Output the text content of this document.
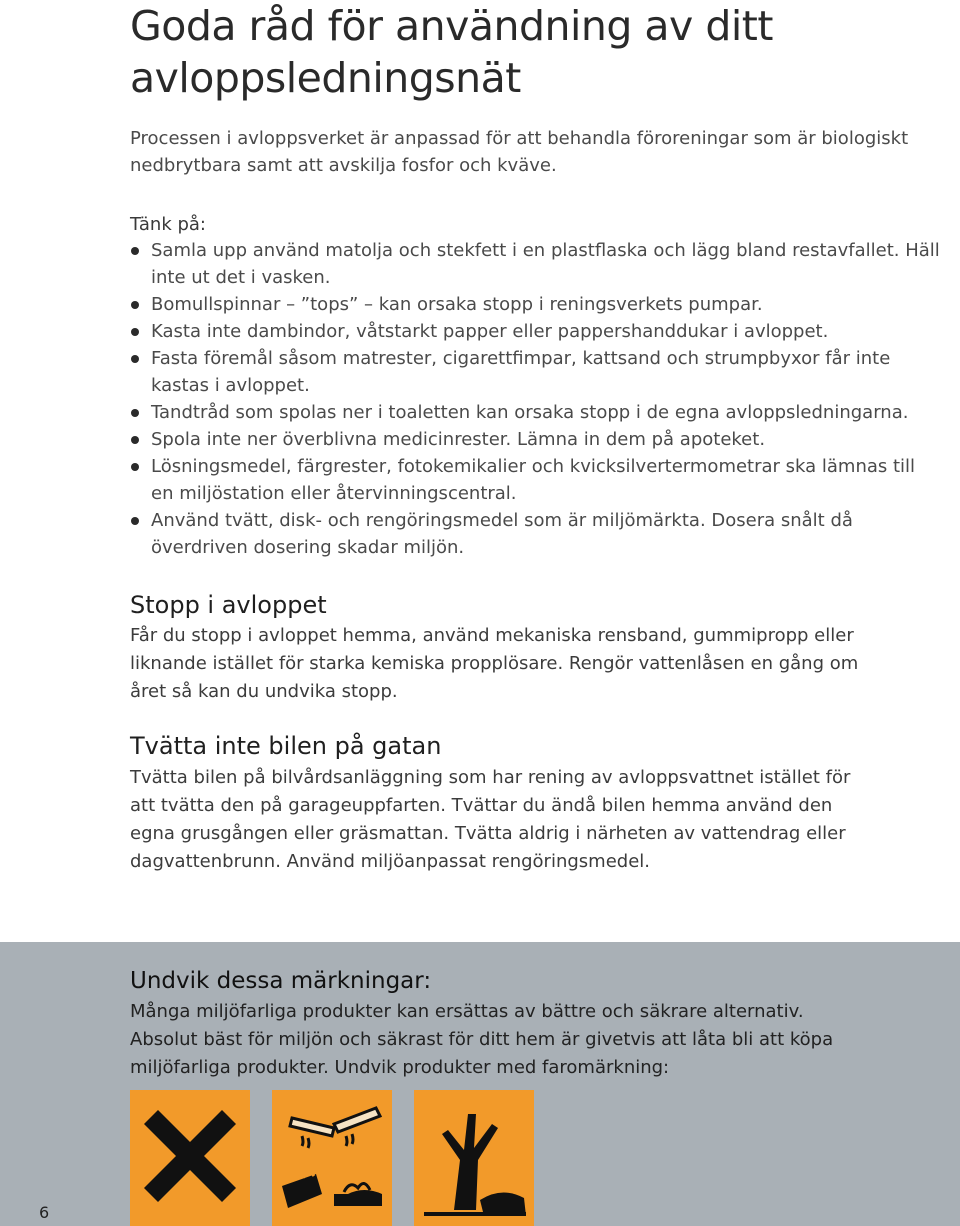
Goda råd för användning av ditt avloppsledningsnät

Processen i avloppsverket är anpassad för att behandla föroreningar som är biologiskt nedbrytbara samt att avskilja fosfor och kväve.

Tänk på:

Samla upp använd matolja och stekfett i en plastflaska och lägg bland restavfallet. Häll inte ut det i vasken.
Bomullspinnar – ”tops” – kan orsaka stopp i reningsverkets pumpar.
Kasta inte dambindor, våtstarkt papper eller pappershanddukar i avloppet.
Fasta föremål såsom matrester, cigarettfimpar, kattsand och strumpbyxor får inte kastas i avloppet.
Tandtråd som spolas ner i toaletten kan orsaka stopp i de egna avloppsledningarna.
Spola inte ner överblivna medicinrester. Lämna in dem på apoteket.
Lösningsmedel, färgrester, fotokemikalier och kvicksilvertermometrar ska lämnas till en miljöstation eller återvinningscentral.
Använd tvätt, disk- och rengöringsmedel som är miljömärkta. Dosera snålt då överdriven dosering skadar miljön.
Stopp i avloppet

Får du stopp i avloppet hemma, använd mekaniska rensband, gummipropp eller liknande istället för starka kemiska propplösare. Rengör vattenlåsen en gång om året så kan du undvika stopp.

Tvätta inte bilen på gatan

Tvätta bilen på bilvårdsanläggning som har rening av avloppsvattnet istället för att tvätta den på garageuppfarten. Tvättar du ändå bilen hemma använd den egna grusgången eller gräsmattan. Tvätta aldrig i närheten av vattendrag eller dagvattenbrunn. Använd miljöanpassat rengöringsmedel.

Undvik dessa märkningar:

Många miljöfarliga produkter kan ersättas av bättre och säkrare alternativ. Absolut bäst för miljön och säkrast för ditt hem är givetvis att låta bli att köpa miljöfarliga produkter. Undvik produkter med faromärkning:

6
